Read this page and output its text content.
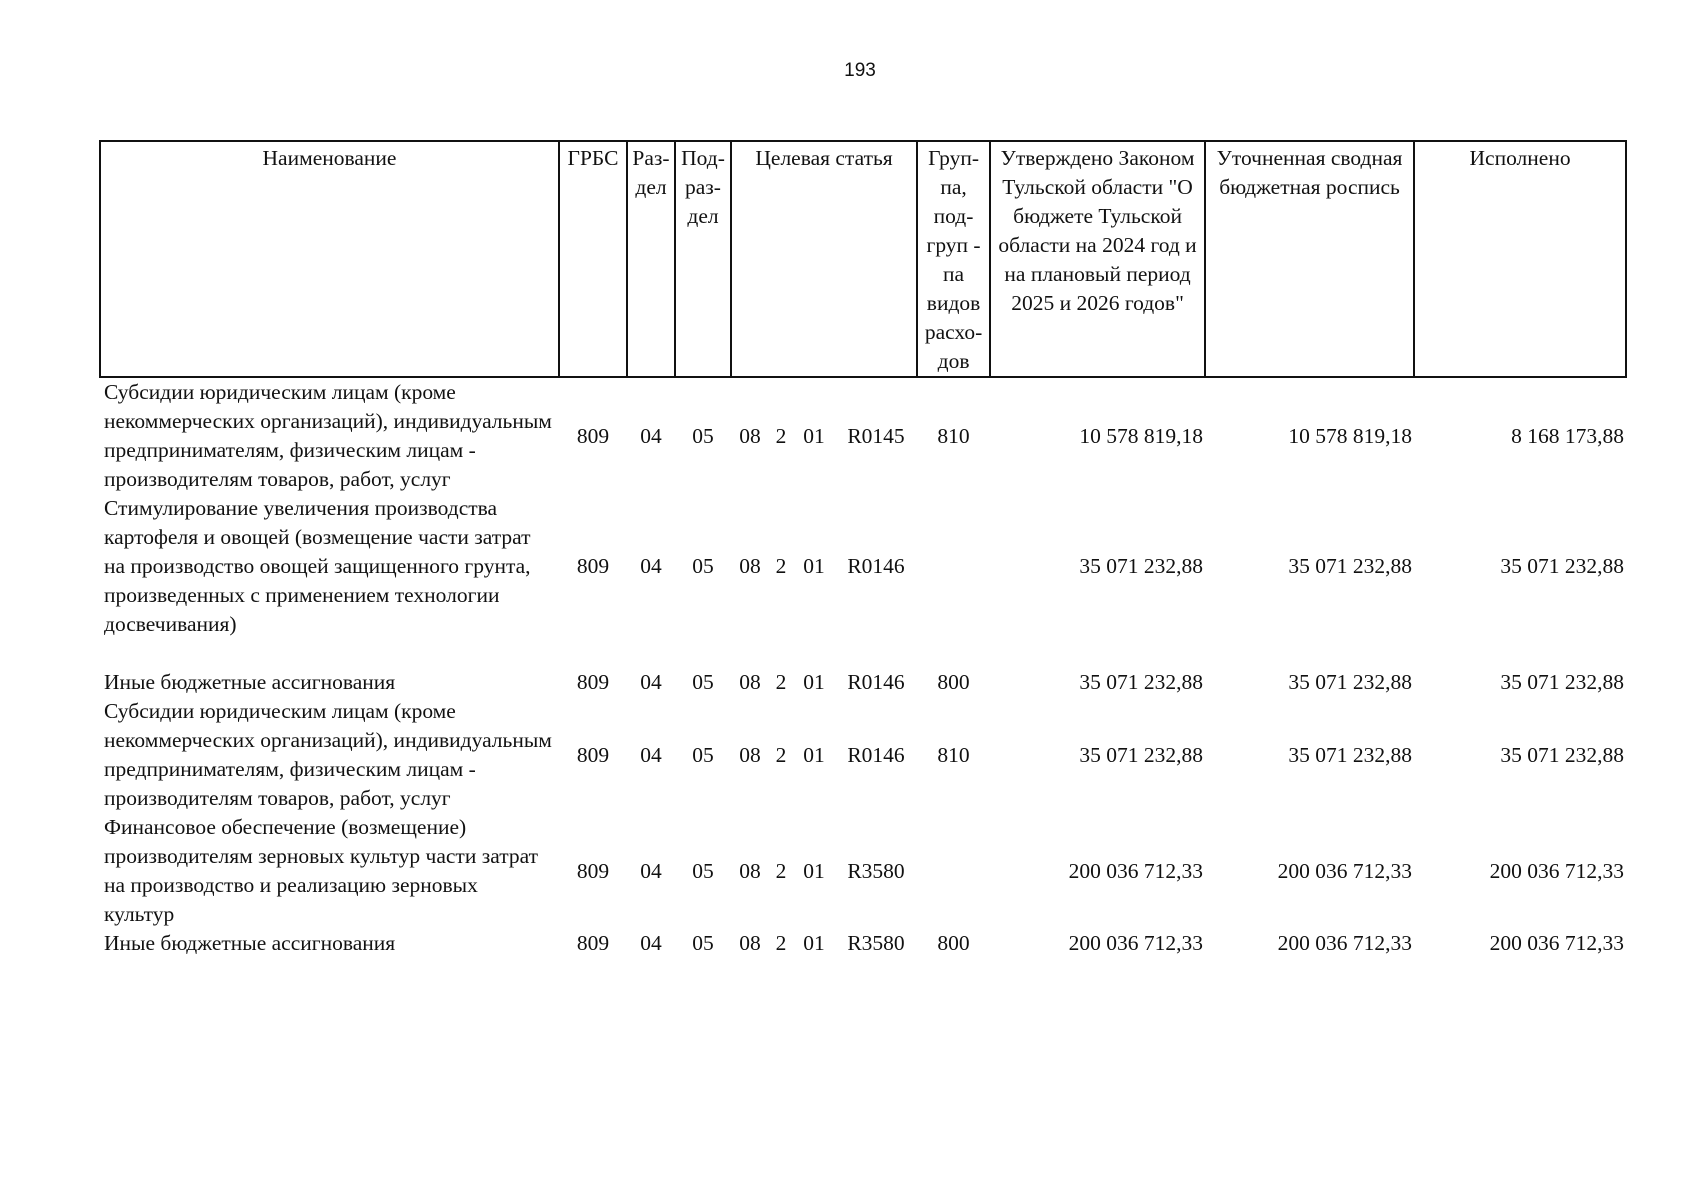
193
Наименование	ГРБС	Раз-дел	Под-раз-дел	Целевая статья				Груп-па, под-груп - па видов расхо-дов	Утверждено Законом Тульской области "О бюджете Тульской области на 2024 год и на плановый период 2025 и 2026 годов"	Уточненная сводная бюджетная роспись	Исполнено
Субсидии юридическим лицам (кроме некоммерческих организаций), индивидуальным предпринимателям, физическим лицам - производителям товаров, работ, услуг	809	04	05	08	2	01	R0145	810	10 578 819,18	10 578 819,18	8 168 173,88
Стимулирование увеличения производства картофеля и овощей (возмещение части затрат на производство овощей защищенного грунта, произведенных с применением технологии досвечивания)	809	04	05	08	2	01	R0146		35 071 232,88	35 071 232,88	35 071 232,88
Иные бюджетные ассигнования	809	04	05	08	2	01	R0146	800	35 071 232,88	35 071 232,88	35 071 232,88
Субсидии юридическим лицам (кроме некоммерческих организаций), индивидуальным предпринимателям, физическим лицам - производителям товаров, работ, услуг	809	04	05	08	2	01	R0146	810	35 071 232,88	35 071 232,88	35 071 232,88
Финансовое обеспечение (возмещение) производителям зерновых культур части затрат на производство и реализацию зерновых культур	809	04	05	08	2	01	R3580		200 036 712,33	200 036 712,33	200 036 712,33
Иные бюджетные ассигнования	809	04	05	08	2	01	R3580	800	200 036 712,33	200 036 712,33	200 036 712,33
